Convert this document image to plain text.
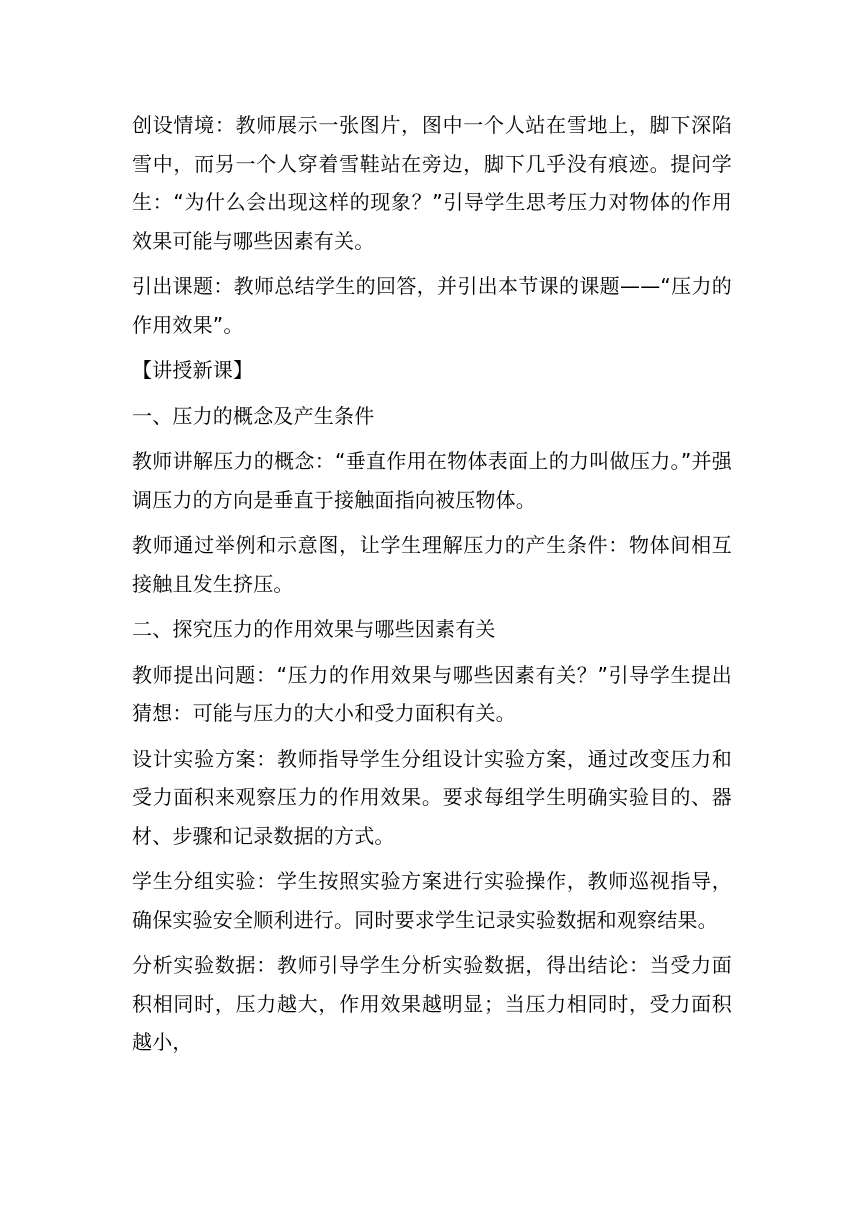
创设情境：教师展示一张图片，图中一个人站在雪地上，脚下深陷雪中，而另一个人穿着雪鞋站在旁边，脚下几乎没有痕迹。提问学生：“为什么会出现这样的现象？”引导学生思考压力对物体的作用效果可能与哪些因素有关。

引出课题：教师总结学生的回答，并引出本节课的课题——“压力的作用效果”。

【讲授新课】

一、压力的概念及产生条件

教师讲解压力的概念：“垂直作用在物体表面上的力叫做压力。”并强调压力的方向是垂直于接触面指向被压物体。

教师通过举例和示意图，让学生理解压力的产生条件：物体间相互接触且发生挤压。

二、探究压力的作用效果与哪些因素有关

教师提出问题：“压力的作用效果与哪些因素有关？”引导学生提出猜想：可能与压力的大小和受力面积有关。

设计实验方案：教师指导学生分组设计实验方案，通过改变压力和受力面积来观察压力的作用效果。要求每组学生明确实验目的、器材、步骤和记录数据的方式。

学生分组实验：学生按照实验方案进行实验操作，教师巡视指导，确保实验安全顺利进行。同时要求学生记录实验数据和观察结果。

分析实验数据：教师引导学生分析实验数据，得出结论：当受力面积相同时，压力越大，作用效果越明显；当压力相同时，受力面积越小，
